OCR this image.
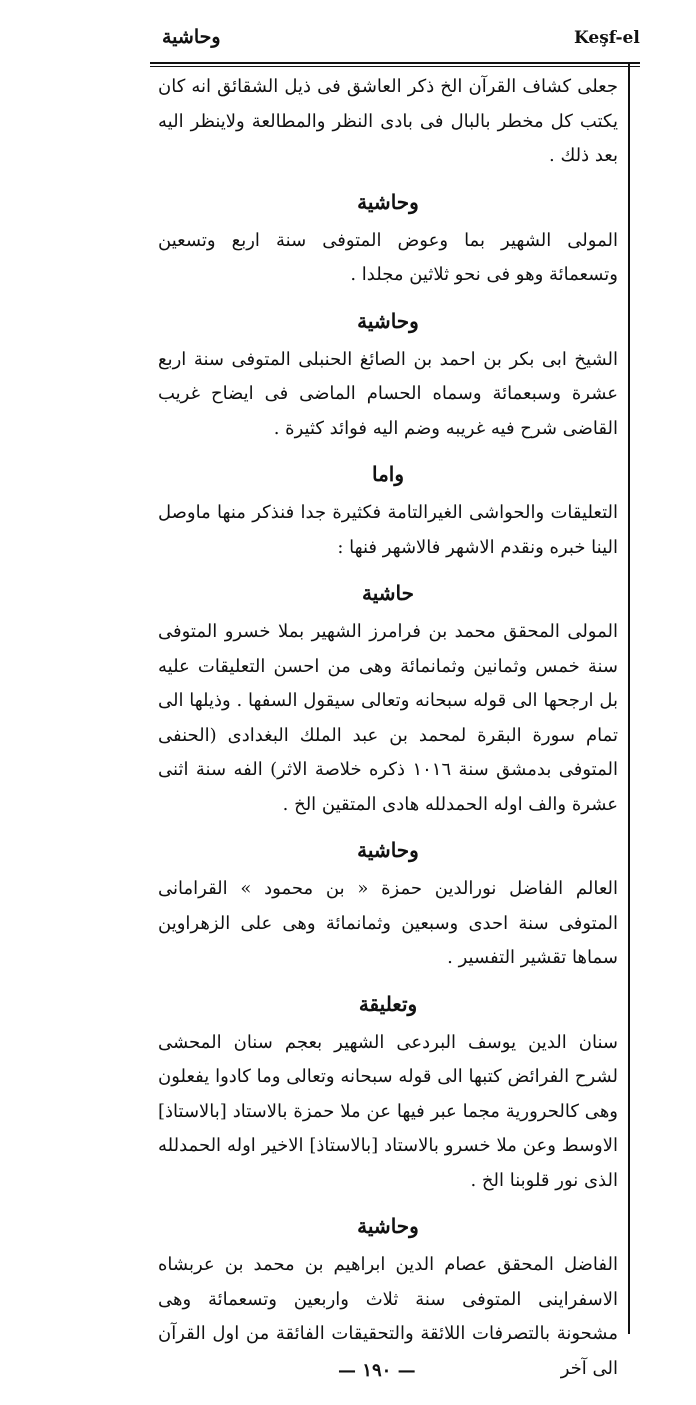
Keşf-el
وحاشية

جعلى كشاف القرآن الخ ذكر العاشق فى ذيل الشقائق انه كان يكتب كل مخطر بالبال فى بادى النظر والمطالعة ولاينظر اليه بعد ذلك .

وحاشية

المولى الشهير بما وعوض المتوفى سنة اربع وتسعين وتسعمائة وهو فى نحو ثلاثين مجلدا .

وحاشية

الشيخ ابى بكر بن احمد بن الصائغ الحنبلى المتوفى سنة اربع عشرة وسبعمائة وسماه الحسام الماضى فى ايضاح غريب القاضى شرح فيه غريبه وضم اليه فوائد كثيرة .

واما

التعليقات والحواشى الغيرالتامة فكثيرة جدا فنذكر منها ماوصل الينا خبره ونقدم الاشهر فالاشهر فنها :

حاشية

المولى المحقق محمد بن فرامرز الشهير بملا خسرو المتوفى سنة خمس وثمانين وثمانمائة وهى من احسن التعليقات عليه بل ارجحها الى قوله سبحانه وتعالى سيقول السفها . وذيلها الى تمام سورة البقرة لمحمد بن عبد الملك البغدادى (الحنفى المتوفى بدمشق سنة ١٠١٦ ذكره خلاصة الاثر) الفه سنة اثنى عشرة والف اوله الحمدلله هادى المتقين الخ .

وحاشية

العالم الفاضل نورالدين حمزة « بن محمود » القرامانى المتوفى سنة احدى وسبعين وثمانمائة وهى على الزهراوين سماها تقشير التفسير .

وتعليقة

سنان الدين يوسف البردعى الشهير بعجم سنان المحشى لشرح الفرائض كتبها الى قوله سبحانه وتعالى وما كادوا يفعلون وهى كالحرورية مجما عبر فيها عن ملا حمزة بالاستاد [بالاستاذ] الاوسط وعن ملا خسرو بالاستاد [بالاستاذ] الاخير اوله الحمدلله الذى نور قلوبنا الخ .

وحاشية

الفاضل المحقق عصام الدين ابراهيم بن محمد بن عربشاه الاسفراينى المتوفى سنة ثلاث واربعين وتسعمائة وهى مشحونة بالتصرفات اللائقة والتحقيقات الفائقة من اول القرآن الى آخر

— ١٩٠ —
